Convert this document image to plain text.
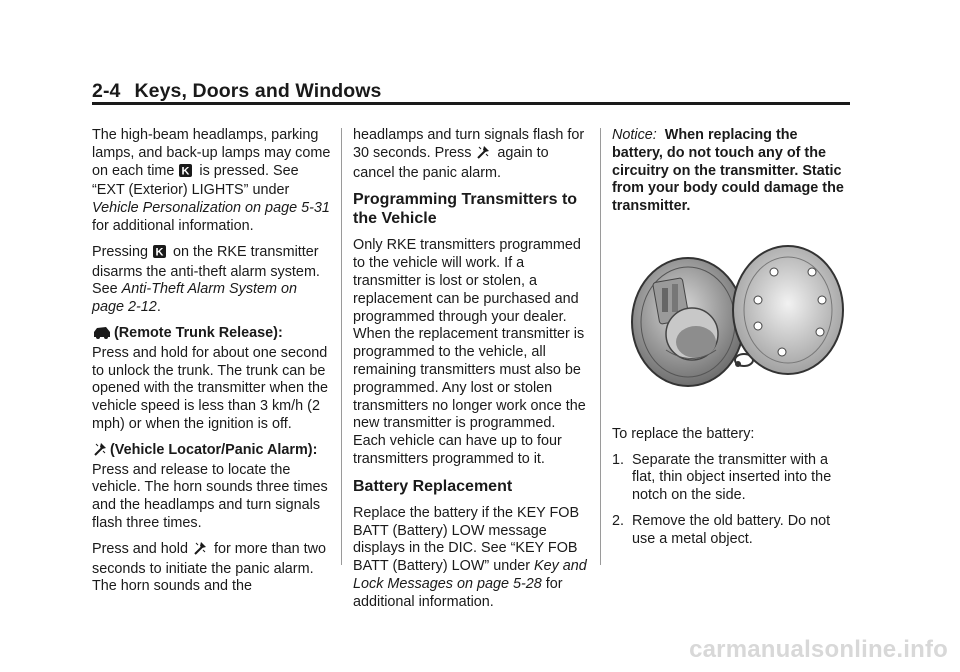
2-4 Keys, Doors and Windows

The high-beam headlamps, parking lamps, and back-up lamps may come on each time K is pressed. See “EXT (Exterior) LIGHTS” under Vehicle Personalization on page 5-31 for additional information.

Pressing K on the RKE transmitter disarms the anti-theft alarm system. See Anti-Theft Alarm System on page 2-12.

(Remote Trunk Release):
Press and hold for about one second to unlock the trunk. The trunk can be opened with the transmitter when the vehicle speed is less than 3 km/h (2 mph) or when the ignition is off.

(Vehicle Locator/Panic Alarm):  Press and release to locate the vehicle. The horn sounds three times and the headlamps and turn signals flash three times.

Press and hold  for more than two seconds to initiate the panic alarm. The horn sounds and the

headlamps and turn signals flash for 30 seconds. Press  again to cancel the panic alarm.

Programming Transmitters to the Vehicle

Only RKE transmitters programmed to the vehicle will work. If a transmitter is lost or stolen, a replacement can be purchased and programmed through your dealer. When the replacement transmitter is programmed to the vehicle, all remaining transmitters must also be programmed. Any lost or stolen transmitters no longer work once the new transmitter is programmed. Each vehicle can have up to four transmitters programmed to it.

Battery Replacement

Replace the battery if the KEY FOB BATT (Battery) LOW message displays in the DIC. See “KEY FOB BATT (Battery) LOW” under Key and Lock Messages on page 5-28 for additional information.

Notice: When replacing the battery, do not touch any of the circuitry on the transmitter. Static from your body could damage the transmitter.

To replace the battery:

1. Separate the transmitter with a flat, thin object inserted into the notch on the side.
2. Remove the old battery. Do not use a metal object.
carmanualsonline.info
